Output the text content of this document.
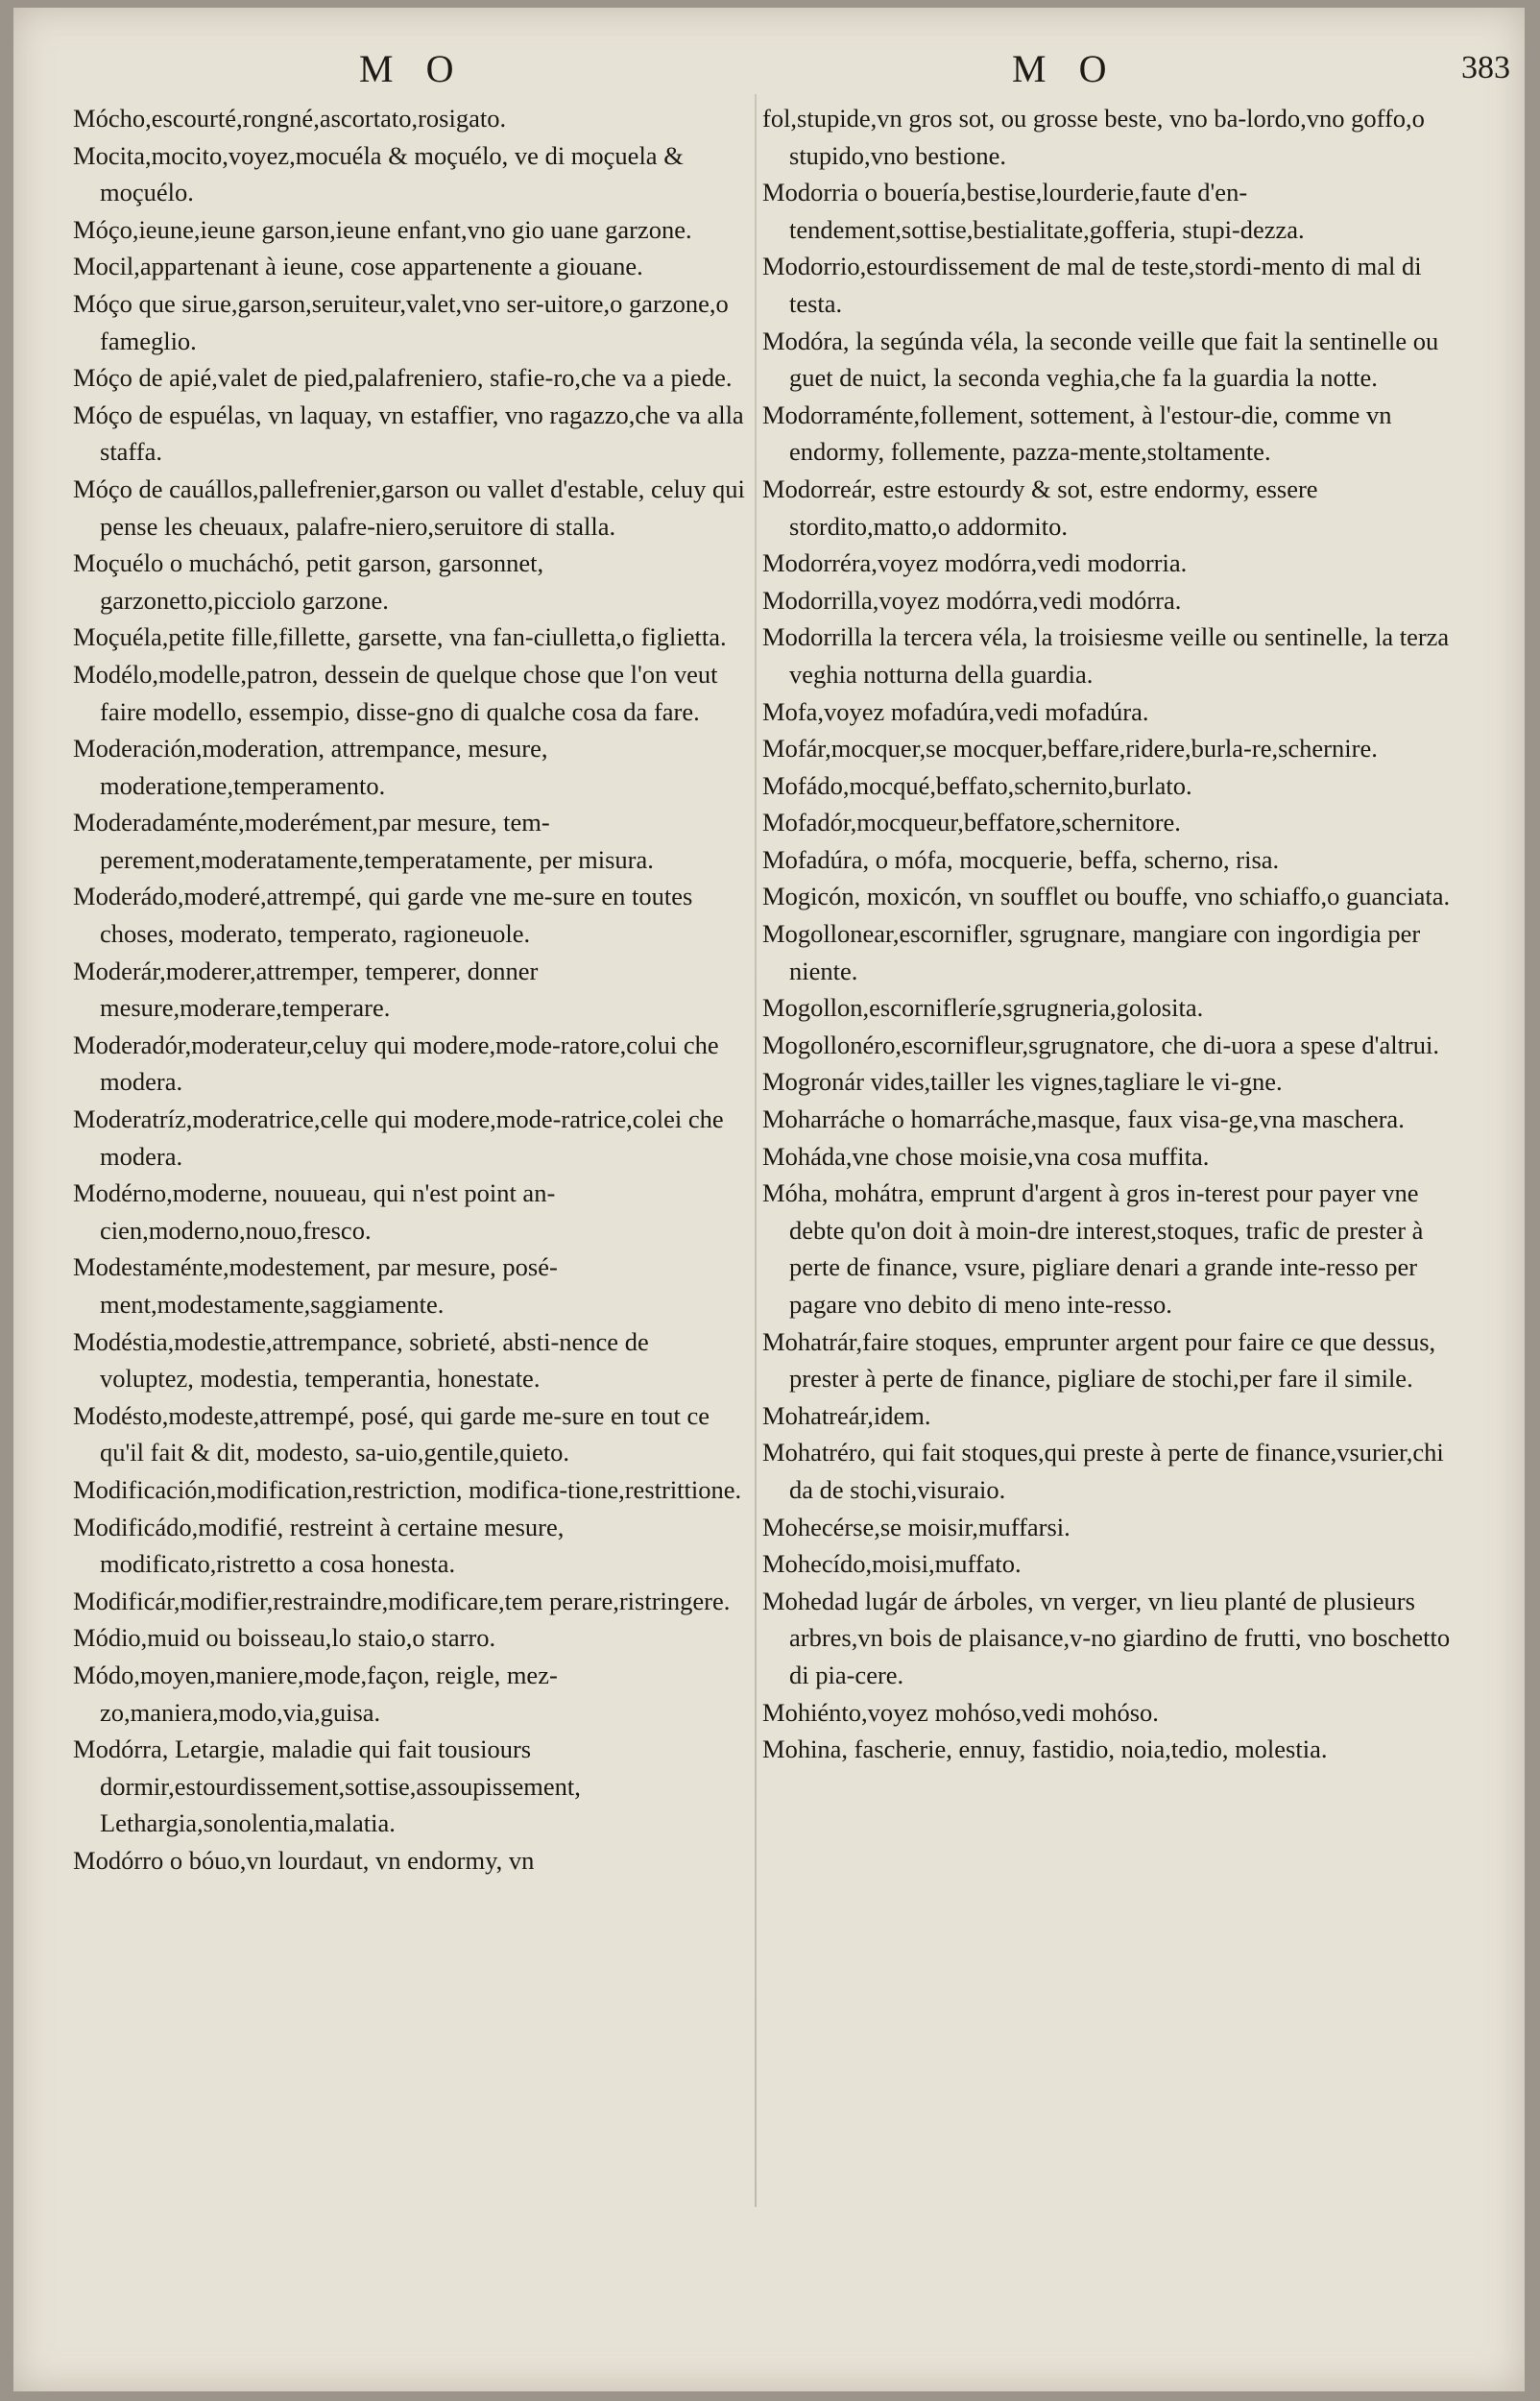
M O	M O	383
Mócho,escourté,rongné,ascortato,rosigato.
Mocita,mocito,voyez,mocuéla & moçuélo, ve di moçuela & moçuélo.
Móço,ieune,ieune garson,ieune enfant,vno gio uane garzone.
Mocil,appartenant à ieune, cose appartenente a giouane.
Móço que sirue,garson,seruiteur,valet,vno ser-uitore,o garzone,o fameglio.
Móço de apié,valet de pied,palafreniero, stafie-ro,che va a piede.
Móço de espuélas, vn laquay, vn estaffier, vno ragazzo,che va alla staffa.
Móço de cauállos,pallefrenier,garson ou vallet d'estable, celuy qui pense les cheuaux, palafre-niero,seruitore di stalla.
Moçuélo o mucháchó, petit garson, garsonnet, garzonetto,picciolo garzone.
Moçuéla,petite fille,fillette, garsette, vna fan-ciulletta,o figlietta.
Modélo,modelle,patron, dessein de quelque chose que l'on veut faire modello, essempio, disse-gno di qualche cosa da fare.
Moderación,moderation, attrempance, mesure, moderatione,temperamento.
Moderadaménte,moderément,par mesure, tem-perement,moderatamente,temperatamente, per misura.
Moderádo,moderé,attrempé, qui garde vne me-sure en toutes choses, moderato, temperato, ragioneuole.
Moderár,moderer,attremper, temperer, donner mesure,moderare,temperare.
Moderadór,moderateur,celuy qui modere,mode-ratore,colui che modera.
Moderatríz,moderatrice,celle qui modere,mode-ratrice,colei che modera.
Modérno,moderne, nouueau, qui n'est point an-cien,moderno,nouo,fresco.
Modestaménte,modestement, par mesure, posé-ment,modestamente,saggiamente.
Modéstia,modestie,attrempance, sobrieté, absti-nence de voluptez, modestia, temperantia, honestate.
Modésto,modeste,attrempé, posé, qui garde me-sure en tout ce qu'il fait & dit, modesto, sa-uio,gentile,quieto.
Modificación,modification,restriction, modifica-tione,restrittione.
Modificádo,modifié, restreint à certaine mesure, modificato,ristretto a cosa honesta.
Modificár,modifier,restraindre,modificare,tem perare,ristringere.
Módio,muid ou boisseau,lo staio,o starro.
Módo,moyen,maniere,mode,façon, reigle, mez-zo,maniera,modo,via,guisa.
Modórra, Letargie, maladie qui fait tousiours dormir,estourdissement,sottise,assoupissement, Lethargia,sonolentia,malatia.
Modórro o bóuo,vn lourdaut, vn endormy, vn
fol,stupide,vn gros sot, ou grosse beste, vno ba-lordo,vno goffo,o stupido,vno bestione.
Modorria o bouería,bestise,lourderie,faute d'en-tendement,sottise,bestialitate,gofferia, stupi-dezza.
Modorrio,estourdissement de mal de teste,stordi-mento di mal di testa.
Modóra, la segúnda véla, la seconde veille que fait la sentinelle ou guet de nuict, la seconda veghia,che fa la guardia la notte.
Modorraménte,follement, sottement, à l'estour-die, comme vn endormy, follemente, pazza-mente,stoltamente.
Modorreár, estre estourdy & sot, estre endormy, essere stordito,matto,o addormito.
Modorréra,voyez modórra,vedi modorria.
Modorrilla,voyez modórra,vedi modórra.
Modorrilla la tercera véla, la troisiesme veille ou sentinelle, la terza veghia notturna della guardia.
Mofa,voyez mofadúra,vedi mofadúra.
Mofár,mocquer,se mocquer,beffare,ridere,burla-re,schernire.
Mofádo,mocqué,beffato,schernito,burlato.
Mofadór,mocqueur,beffatore,schernitore.
Mofadúra, o mófa, mocquerie, beffa, scherno, risa.
Mogicón, moxicón, vn soufflet ou bouffe, vno schiaffo,o guanciata.
Mogollonear,escornifler, sgrugnare, mangiare con ingordigia per niente.
Mogollon,escornifleríe,sgrugneria,golosita.
Mogollonéro,escornifleur,sgrugnatore, che di-uora a spese d'altrui.
Mogronár vides,tailler les vignes,tagliare le vi-gne.
Moharráche o homarráche,masque, faux visa-ge,vna maschera.
Moháda,vne chose moisie,vna cosa muffita.
Móha, mohátra, emprunt d'argent à gros in-terest pour payer vne debte qu'on doit à moin-dre interest,stoques, trafic de prester à perte de finance, vsure, pigliare denari a grande inte-resso per pagare vno debito di meno inte-resso.
Mohatrár,faire stoques, emprunter argent pour faire ce que dessus, prester à perte de finance, pigliare de stochi,per fare il simile.
Mohatreár,idem.
Mohatréro, qui fait stoques,qui preste à perte de finance,vsurier,chi da de stochi,visuraio.
Mohecérse,se moisir,muffarsi.
Mohecído,moisi,muffato.
Mohedad lugár de árboles, vn verger, vn lieu planté de plusieurs arbres,vn bois de plaisance,v-no giardino de frutti, vno boschetto di pia-cere.
Mohiénto,voyez mohóso,vedi mohóso.
Mohina, fascherie, ennuy, fastidio, noia,tedio, molestia.
